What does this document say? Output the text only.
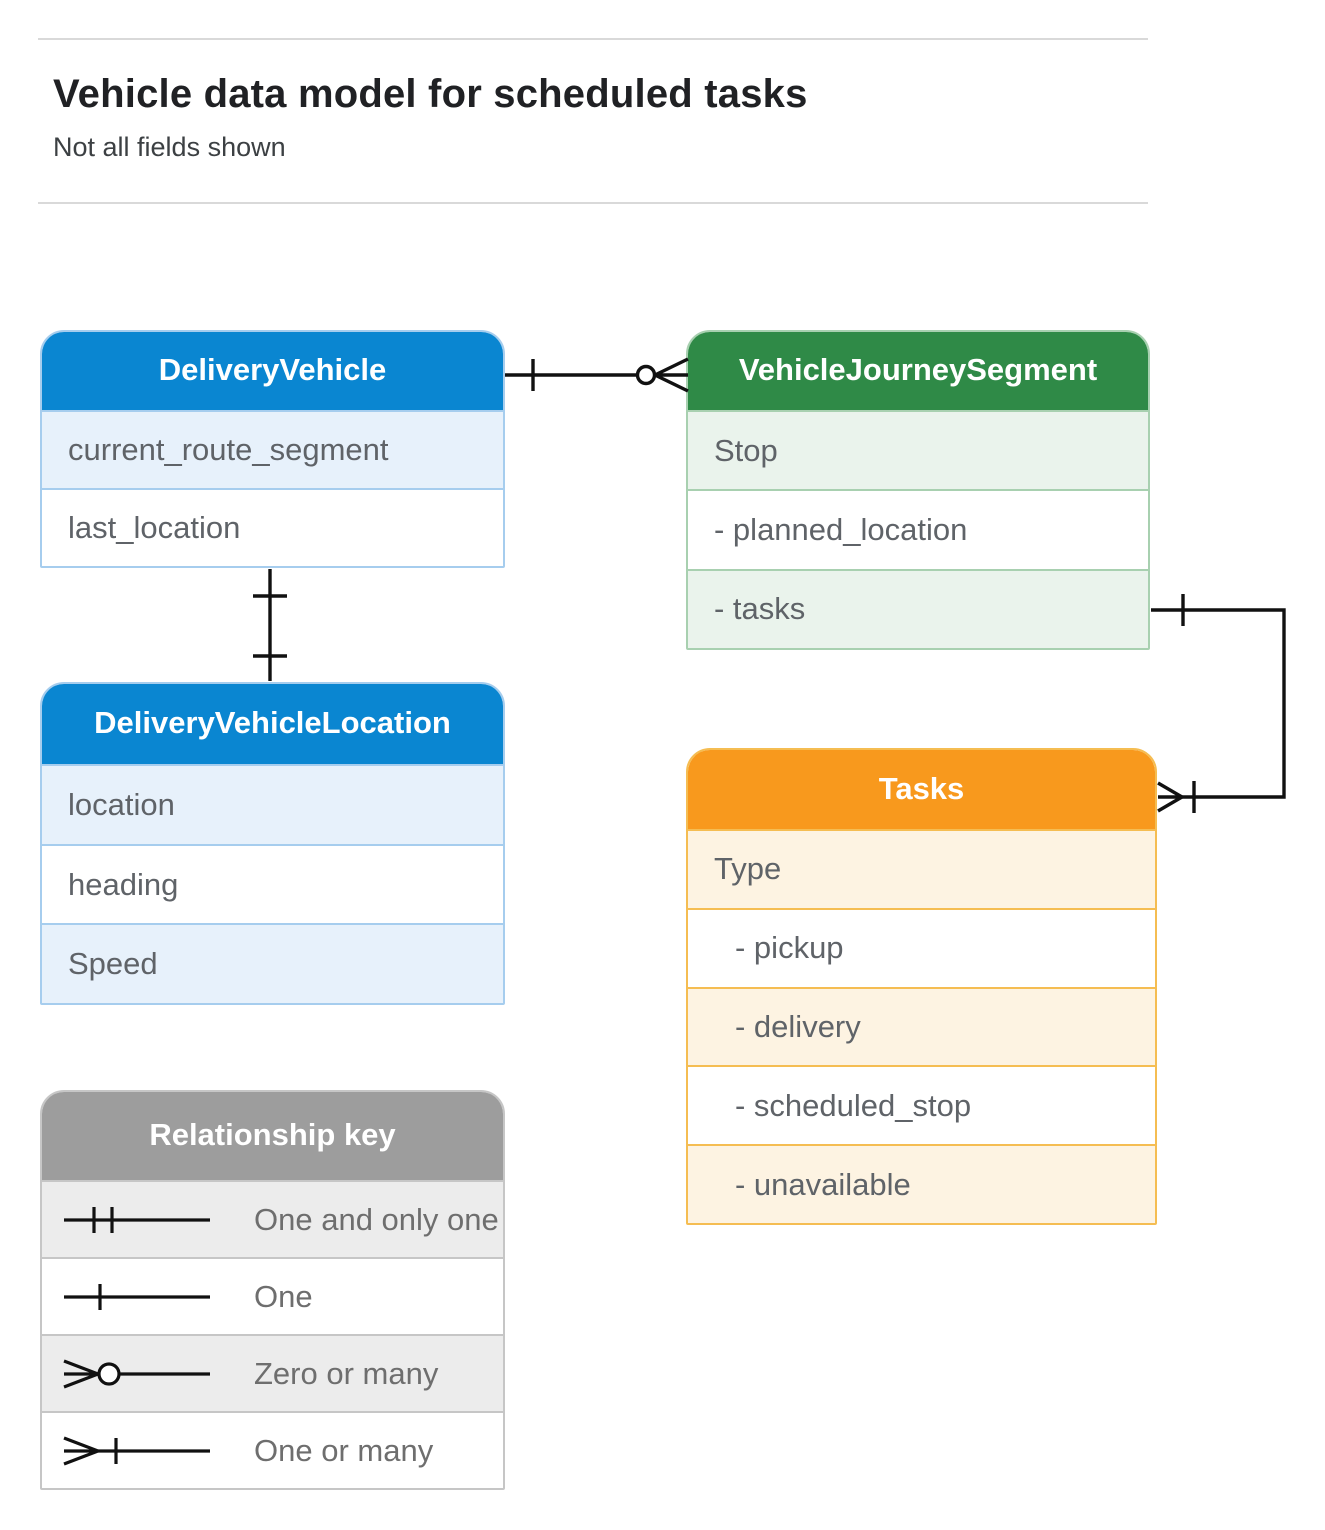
Vehicle data model for scheduled tasks

Not all fields shown

DeliveryVehicle
current_route_segment
last_location
VehicleJourneySegment
Stop
- planned_location
- tasks
DeliveryVehicleLocation
location
heading
Speed
Tasks
Type
- pickup
- delivery
- scheduled_stop
- unavailable
Relationship key
One and only one
One
Zero or many
One or many
